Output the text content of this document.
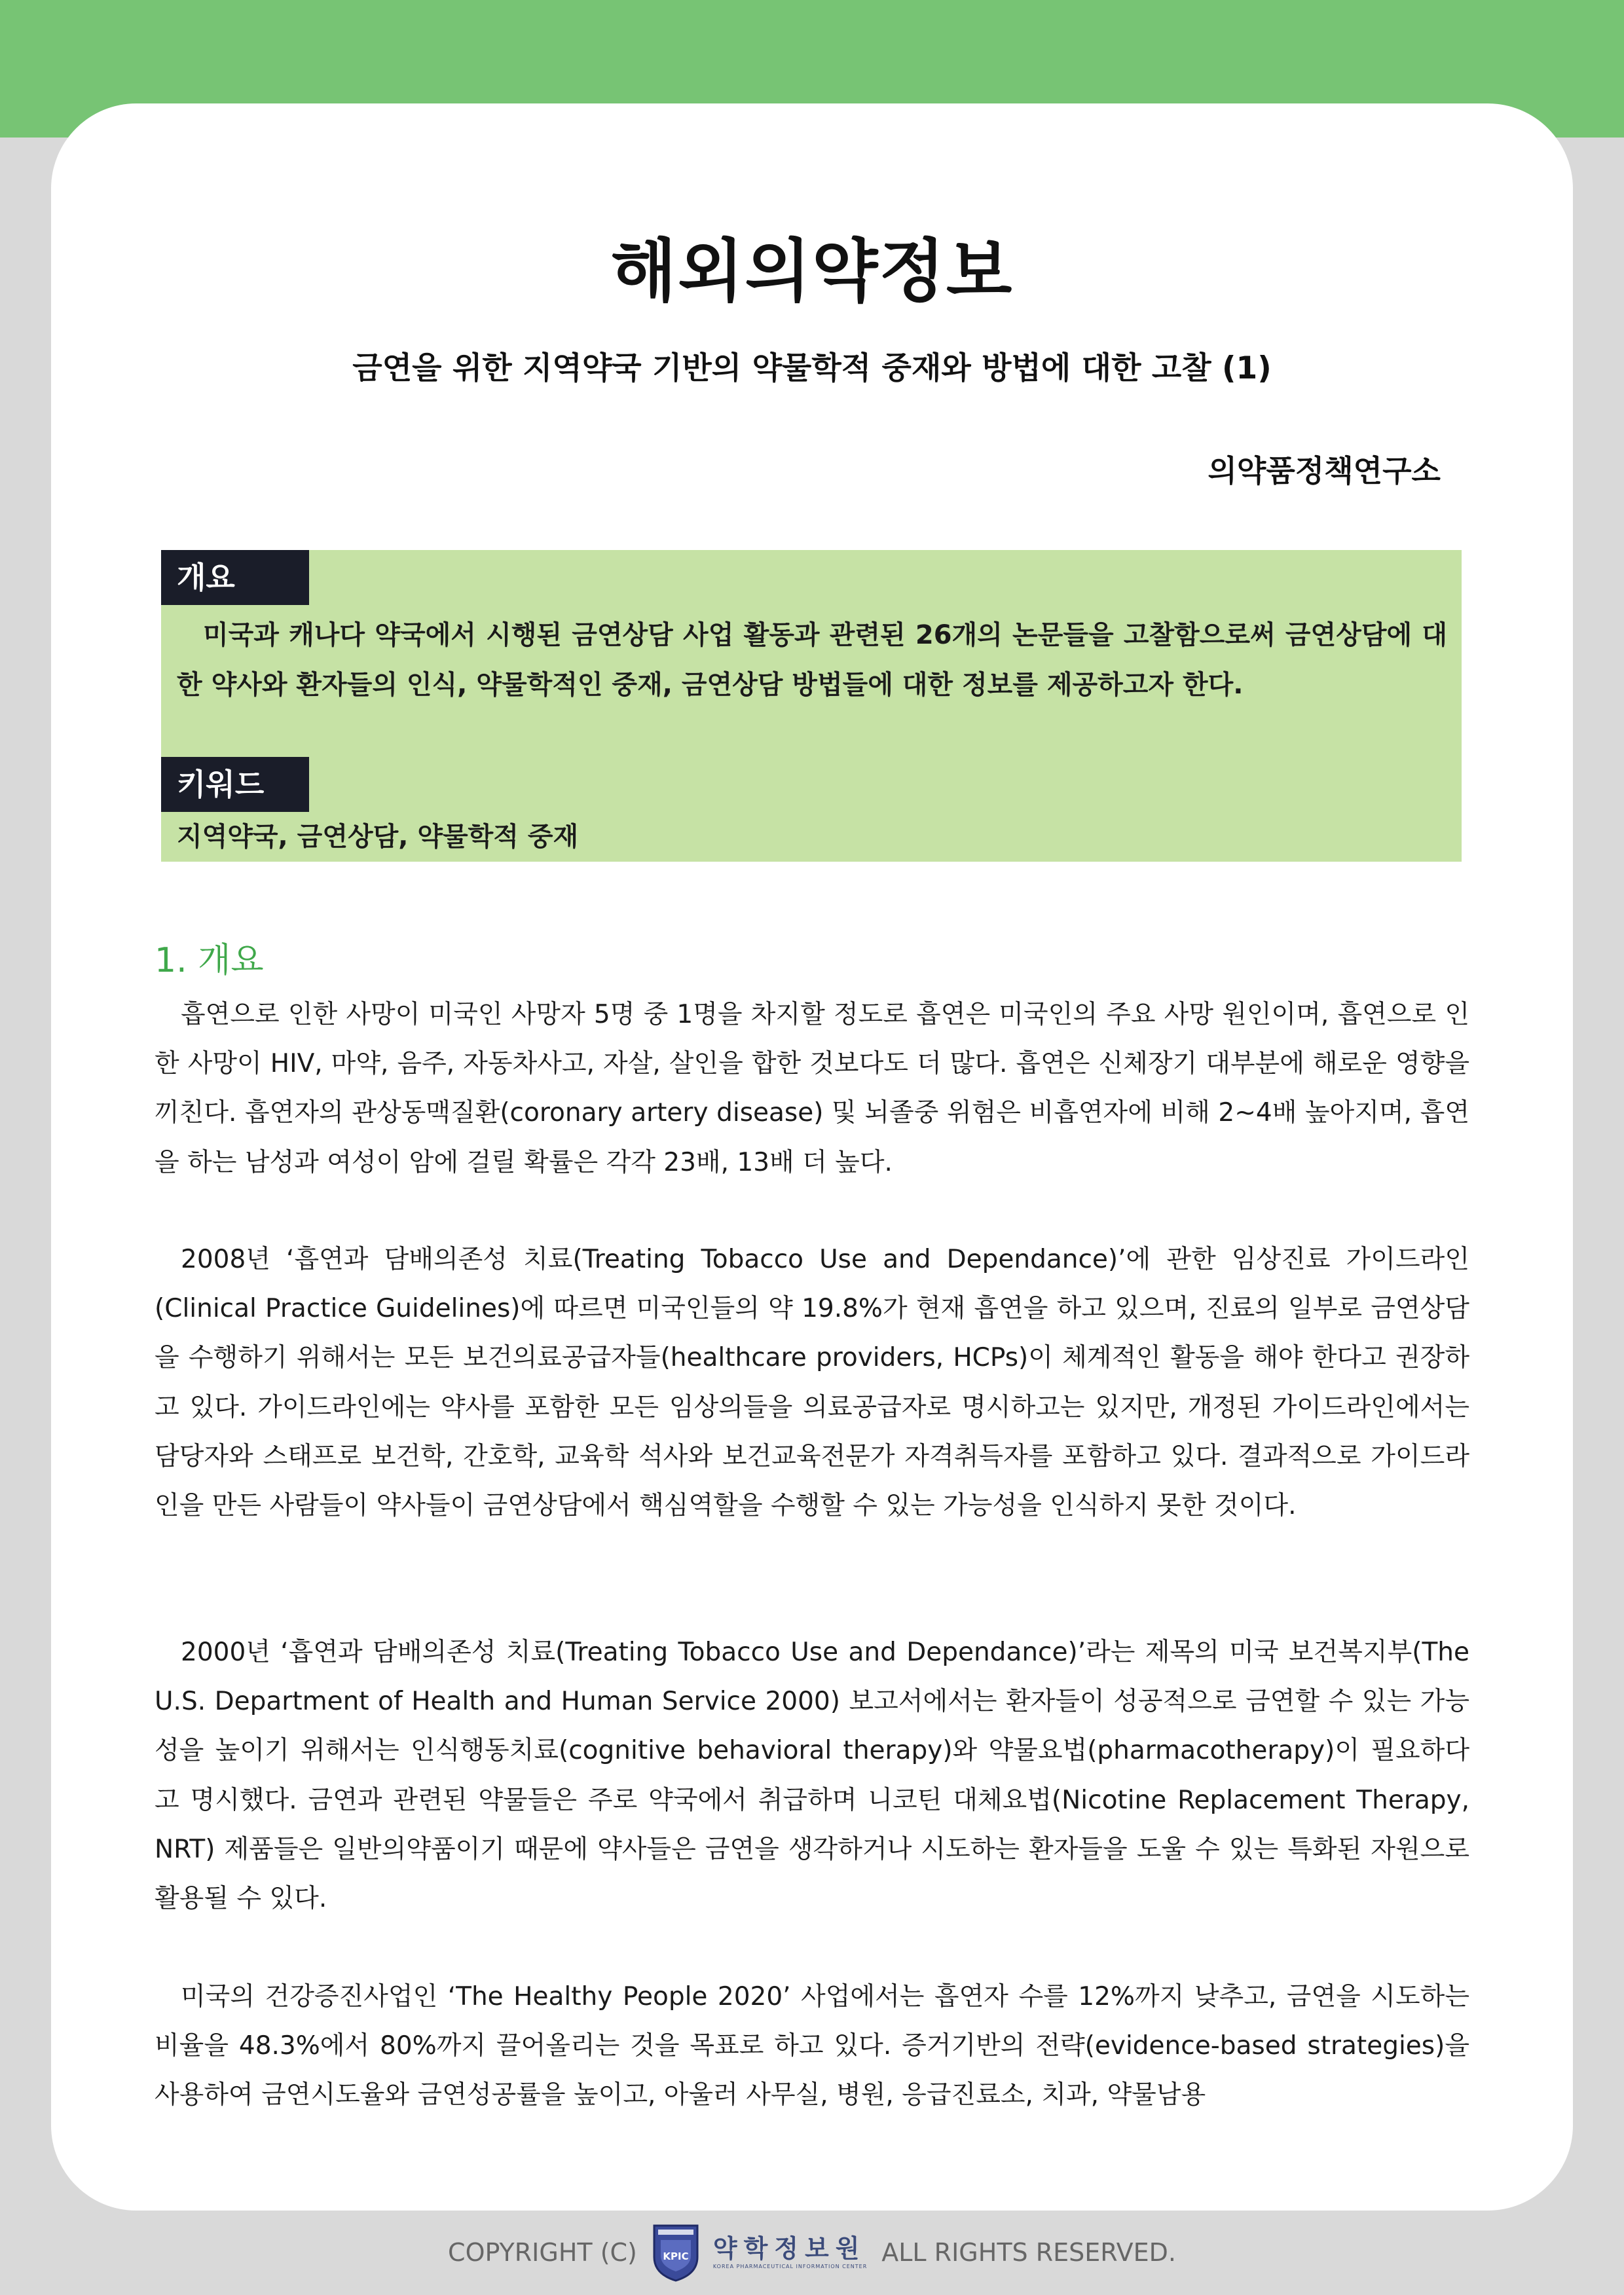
해외의약정보
금연을 위한 지역약국 기반의 약물학적 중재와 방법에 대한 고찰 (1)
의약품정책연구소
개요

미국과 캐나다 약국에서 시행된 금연상담 사업 활동과 관련된 26개의 논문들을 고찰함으로써 금연상담에 대한 약사와 환자들의 인식, 약물학적인 중재, 금연상담 방법들에 대한 정보를 제공하고자 한다.

키워드
지역약국, 금연상담, 약물학적 중재
1. 개요

흡연으로 인한 사망이 미국인 사망자 5명 중 1명을 차지할 정도로 흡연은 미국인의 주요 사망 원인이며, 흡연으로 인한 사망이 HIV, 마약, 음주, 자동차사고, 자살, 살인을 합한 것보다도 더 많다. 흡연은 신체장기 대부분에 해로운 영향을 끼친다. 흡연자의 관상동맥질환(coronary artery disease) 및 뇌졸중 위험은 비흡연자에 비해 2~4배 높아지며, 흡연을 하는 남성과 여성이 암에 걸릴 확률은 각각 23배, 13배 더 높다.

2008년 ‘흡연과 담배의존성 치료(Treating Tobacco Use and Dependance)’에 관한 임상진료 가이드라인(Clinical Practice Guidelines)에 따르면 미국인들의 약 19.8%가 현재 흡연을 하고 있으며, 진료의 일부로 금연상담을 수행하기 위해서는 모든 보건의료공급자들(healthcare providers, HCPs)이 체계적인 활동을 해야 한다고 권장하고 있다. 가이드라인에는 약사를 포함한 모든 임상의들을 의료공급자로 명시하고는 있지만, 개정된 가이드라인에서는 담당자와 스태프로 보건학, 간호학, 교육학 석사와 보건교육전문가 자격취득자를 포함하고 있다. 결과적으로 가이드라인을 만든 사람들이 약사들이 금연상담에서 핵심역할을 수행할 수 있는 가능성을 인식하지 못한 것이다.

2000년 ‘흡연과 담배의존성 치료(Treating Tobacco Use and Dependance)’라는 제목의 미국 보건복지부(The U.S. Department of Health and Human Service 2000) 보고서에서는 환자들이 성공적으로 금연할 수 있는 가능성을 높이기 위해서는 인식행동치료(cognitive behavioral therapy)와 약물요법(pharmacotherapy)이 필요하다고 명시했다. 금연과 관련된 약물들은 주로 약국에서 취급하며 니코틴 대체요법(Nicotine Replacement Therapy, NRT) 제품들은 일반의약품이기 때문에 약사들은 금연을 생각하거나 시도하는 환자들을 도울 수 있는 특화된 자원으로 활용될 수 있다.

미국의 건강증진사업인 ‘The Healthy People 2020’ 사업에서는 흡연자 수를 12%까지 낮추고, 금연을 시도하는 비율을 48.3%에서 80%까지 끌어올리는 것을 목표로 하고 있다. 증거기반의 전략(evidence-based strategies)을 사용하여 금연시도율와 금연성공률을 높이고, 아울러 사무실, 병원, 응급진료소, 치과, 약물남용

COPYRIGHT (C)	KPIC 약학정보원
KOREA PHARMACEUTICAL INFORMATION CENTER ALL RIGHTS RESERVED.
